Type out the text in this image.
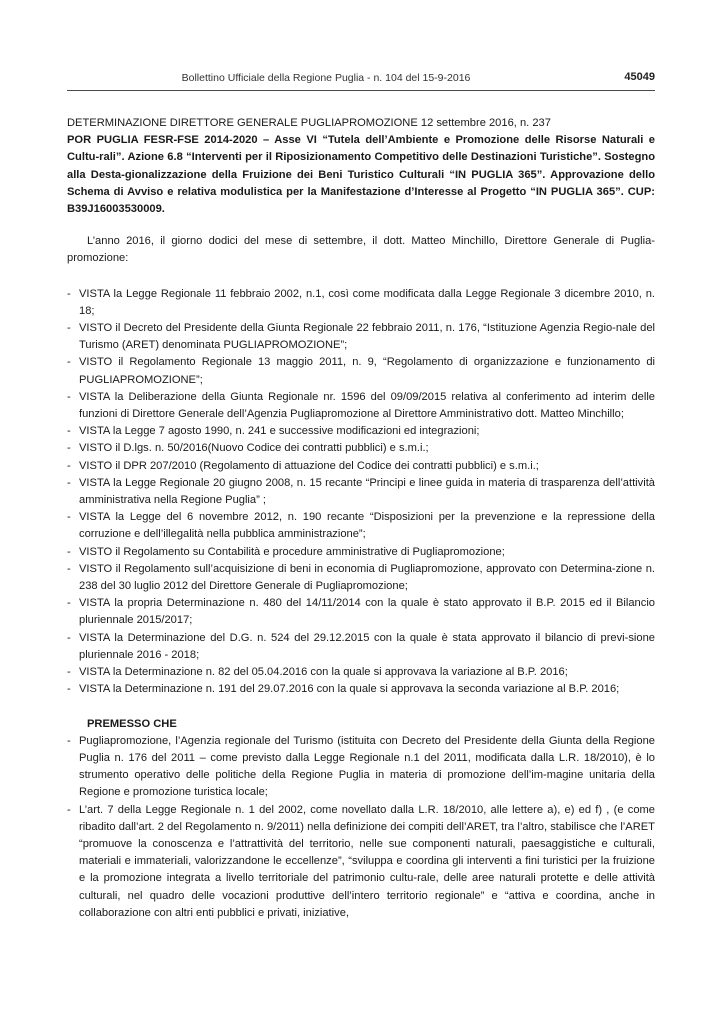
Bollettino Ufficiale della Regione Puglia - n. 104 del 15-9-2016	45049

DETERMINAZIONE DIRETTORE GENERALE PUGLIAPROMOZIONE 12 settembre 2016, n. 237

POR PUGLIA FESR-FSE 2014-2020 – Asse VI “Tutela dell’Ambiente e Promozione delle Risorse Naturali e Cultu-rali”. Azione 6.8 “Interventi per il Riposizionamento Competitivo delle Destinazioni Turistiche”. Sostegno alla Desta-gionalizzazione della Fruizione dei Beni Turistico Culturali “IN PUGLIA 365”. Approvazione dello Schema di Avviso e relativa modulistica per la Manifestazione d’Interesse al Progetto “IN PUGLIA 365”. CUP: B39J16003530009.

L’anno 2016, il giorno dodici del mese di settembre, il dott. Matteo Minchillo, Direttore Generale di Puglia-promozione:

- VISTA la Legge Regionale 11 febbraio 2002, n.1, così come modificata dalla Legge Regionale 3 dicembre 2010, n. 18;
- VISTO il Decreto del Presidente della Giunta Regionale 22 febbraio 2011, n. 176, “Istituzione Agenzia Regio-nale del Turismo (ARET) denominata PUGLIAPROMOZIONE”;
- VISTO il Regolamento Regionale 13 maggio 2011, n. 9, “Regolamento di organizzazione e funzionamento di PUGLIAPROMOZIONE”;
- VISTA la Deliberazione della Giunta Regionale nr. 1596 del 09/09/2015 relativa al conferimento ad interim delle funzioni di Direttore Generale dell’Agenzia Pugliapromozione al Direttore Amministrativo dott. Matteo Minchillo;
- VISTA la Legge 7 agosto 1990, n. 241 e successive modificazioni ed integrazioni;
- VISTO il D.lgs. n. 50/2016(Nuovo Codice dei contratti pubblici) e s.m.i.;
- VISTO il DPR 207/2010 (Regolamento di attuazione del Codice dei contratti pubblici) e s.m.i.;
- VISTA la Legge Regionale 20 giugno 2008, n. 15 recante “Principi e linee guida in materia di trasparenza dell’attività amministrativa nella Regione Puglia” ;
- VISTA la Legge del 6 novembre 2012, n. 190 recante “Disposizioni per la prevenzione e la repressione della corruzione e dell’illegalità nella pubblica amministrazione”;
- VISTO il Regolamento su Contabilità e procedure amministrative di Pugliapromozione;
- VISTO il Regolamento sull’acquisizione di beni in economia di Pugliapromozione, approvato con Determina-zione n. 238 del 30 luglio 2012 del Direttore Generale di Pugliapromozione;
- VISTA la propria Determinazione n. 480 del 14/11/2014 con la quale è stato approvato il B.P. 2015 ed il Bilancio pluriennale 2015/2017;
- VISTA la Determinazione del D.G. n. 524 del 29.12.2015 con la quale è stata approvato il bilancio di previ-sione pluriennale 2016 - 2018;
- VISTA la Determinazione n. 82 del 05.04.2016 con la quale si approvava la variazione al B.P. 2016;
- VISTA la Determinazione n. 191 del 29.07.2016 con la quale si approvava la seconda variazione al B.P. 2016;

PREMESSO CHE

- Pugliapromozione, l’Agenzia regionale del Turismo (istituita con Decreto del Presidente della Giunta della Regione Puglia n. 176 del 2011 – come previsto dalla Legge Regionale n.1 del 2011, modificata dalla L.R. 18/2010), è lo strumento operativo delle politiche della Regione Puglia in materia di promozione dell’im-magine unitaria della Regione e promozione turistica locale;
- L’art. 7 della Legge Regionale n. 1 del 2002, come novellato dalla L.R. 18/2010, alle lettere a), e) ed f) , (e come ribadito dall’art. 2 del Regolamento n. 9/2011) nella definizione dei compiti dell’ARET, tra l’altro, stabilisce che l’ARET “promuove la conoscenza e l’attrattività del territorio, nelle sue componenti naturali, paesaggistiche e culturali, materiali e immateriali, valorizzandone le eccellenze”, “sviluppa e coordina gli interventi a fini turistici per la fruizione e la promozione integrata a livello territoriale del patrimonio cultu-rale, delle aree naturali protette e delle attività culturali, nel quadro delle vocazioni produttive dell’intero territorio regionale” e “attiva e coordina, anche in collaborazione con altri enti pubblici e privati, iniziative,
